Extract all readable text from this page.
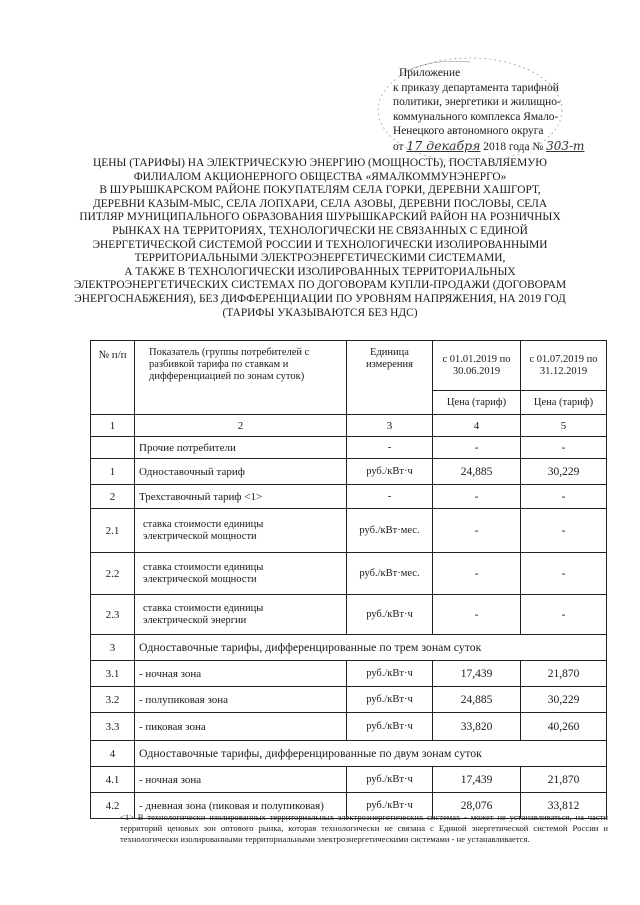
Приложение
к приказу департамента тарифной
политики, энергетики и жилищно-
коммунального комплекса Ямало-
Ненецкого автономного округа
от 17 декабря 2018 года № 303-т
ЦЕНЫ (ТАРИФЫ) НА ЭЛЕКТРИЧЕСКУЮ ЭНЕРГИЮ (МОЩНОСТЬ), ПОСТАВЛЯЕМУЮ
ФИЛИАЛОМ АКЦИОНЕРНОГО ОБЩЕСТВА «ЯМАЛКОММУНЭНЕРГО»
В ШУРЫШКАРСКОМ РАЙОНЕ ПОКУПАТЕЛЯМ СЕЛА ГОРКИ, ДЕРЕВНИ ХАШГОРТ,
ДЕРЕВНИ КАЗЫМ-МЫС, СЕЛА ЛОПХАРИ, СЕЛА АЗОВЫ, ДЕРЕВНИ ПОСЛОВЫ, СЕЛА
ПИТЛЯР МУНИЦИПАЛЬНОГО ОБРАЗОВАНИЯ ШУРЫШКАРСКИЙ РАЙОН НА РОЗНИЧНЫХ
РЫНКАХ НА ТЕРРИТОРИЯХ, ТЕХНОЛОГИЧЕСКИ НЕ СВЯЗАННЫХ С ЕДИНОЙ
ЭНЕРГЕТИЧЕСКОЙ СИСТЕМОЙ РОССИИ И ТЕХНОЛОГИЧЕСКИ ИЗОЛИРОВАННЫМИ
ТЕРРИТОРИАЛЬНЫМИ ЭЛЕКТРОЭНЕРГЕТИЧЕСКИМИ СИСТЕМАМИ,
А ТАКЖЕ В ТЕХНОЛОГИЧЕСКИ ИЗОЛИРОВАННЫХ ТЕРРИТОРИАЛЬНЫХ
ЭЛЕКТРОЭНЕРГЕТИЧЕСКИХ СИСТЕМАХ ПО ДОГОВОРАМ КУПЛИ-ПРОДАЖИ (ДОГОВОРАМ
ЭНЕРГОСНАБЖЕНИЯ), БЕЗ ДИФФЕРЕНЦИАЦИИ ПО УРОВНЯМ НАПРЯЖЕНИЯ, НА 2019 ГОД
(ТАРИФЫ УКАЗЫВАЮТСЯ БЕЗ НДС)
№ п/п	Показатель (группы потребителей с разбивкой тарифа по ставкам и дифференциацией по зонам суток)	Единица измерения	с 01.01.2019 по 30.06.2019	с 01.07.2019 по 31.12.2019
			Цена (тариф)	Цена (тариф)
1	2	3	4	5
	Прочие потребители	-	-	-
1	Одноставочный тариф	руб./кВт·ч	24,885	30,229
2	Трехставочный тариф <1>	-	-	-
2.1	ставка стоимости единицы электрической мощности	руб./кВт·мес.	-	-
2.2	ставка стоимости единицы электрической мощности	руб./кВт·мес.	-	-
2.3	ставка стоимости единицы электрической энергии	руб./кВт·ч	-	-
3	Одноставочные тарифы, дифференцированные по трем зонам суток			
3.1	- ночная зона	руб./кВт·ч	17,439	21,870
3.2	- полупиковая зона	руб./кВт·ч	24,885	30,229
3.3	- пиковая зона	руб./кВт·ч	33,820	40,260
4	Одноставочные тарифы, дифференцированные по двум зонам суток			
4.1	- ночная зона	руб./кВт·ч	17,439	21,870
4.2	- дневная зона (пиковая и полупиковая)	руб./кВт·ч	28,076	33,812
<1> В технологически изолированных территориальных электроэнергетических системах - может не устанавливаться, на части территорий ценовых зон оптового рынка, которая технологически не связана с Единой энергетической системой России и технологически изолированными территориальными электроэнергетическими системами - не устанавливается.
